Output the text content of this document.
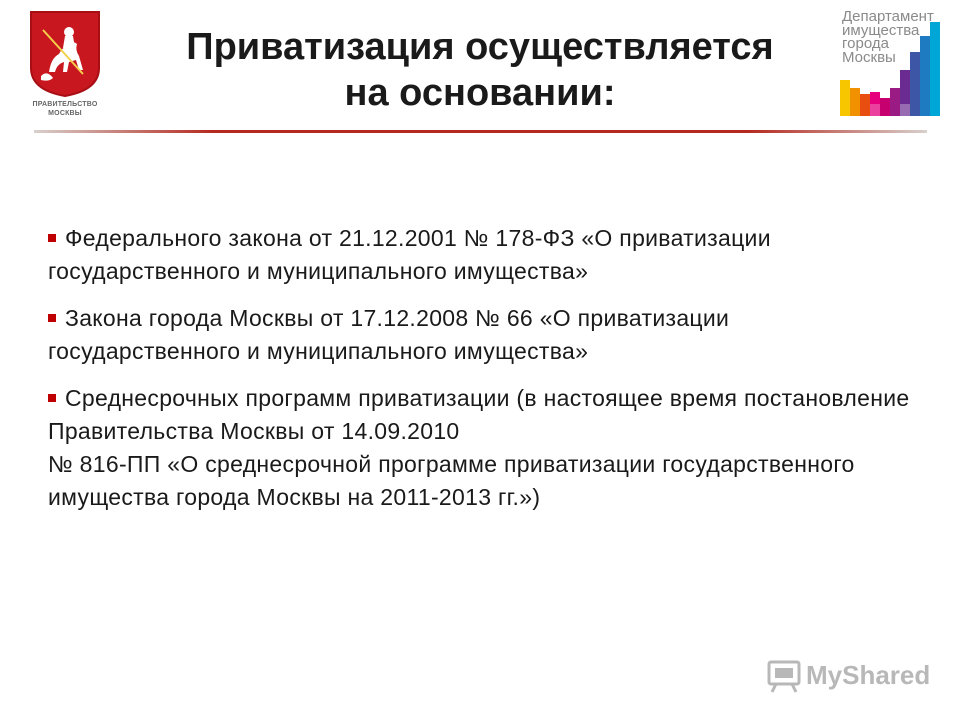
ПРАВИТЕЛЬСТВО
МОСКВЫ
Приватизация осуществляется
на основании:
Департамент
имущества
города
Москвы
Федерального закона от 21.12.2001 № 178-ФЗ «О приватизации государственного и муниципального имущества»
Закона города Москвы от 17.12.2008 № 66 «О приватизации государственного и муниципального имущества»
Среднесрочных программ приватизации (в настоящее время постановление Правительства Москвы от 14.09.2010
№ 816-ПП «О среднесрочной программе приватизации государственного имущества города Москвы на 2011-2013 гг.»)
MyShared
